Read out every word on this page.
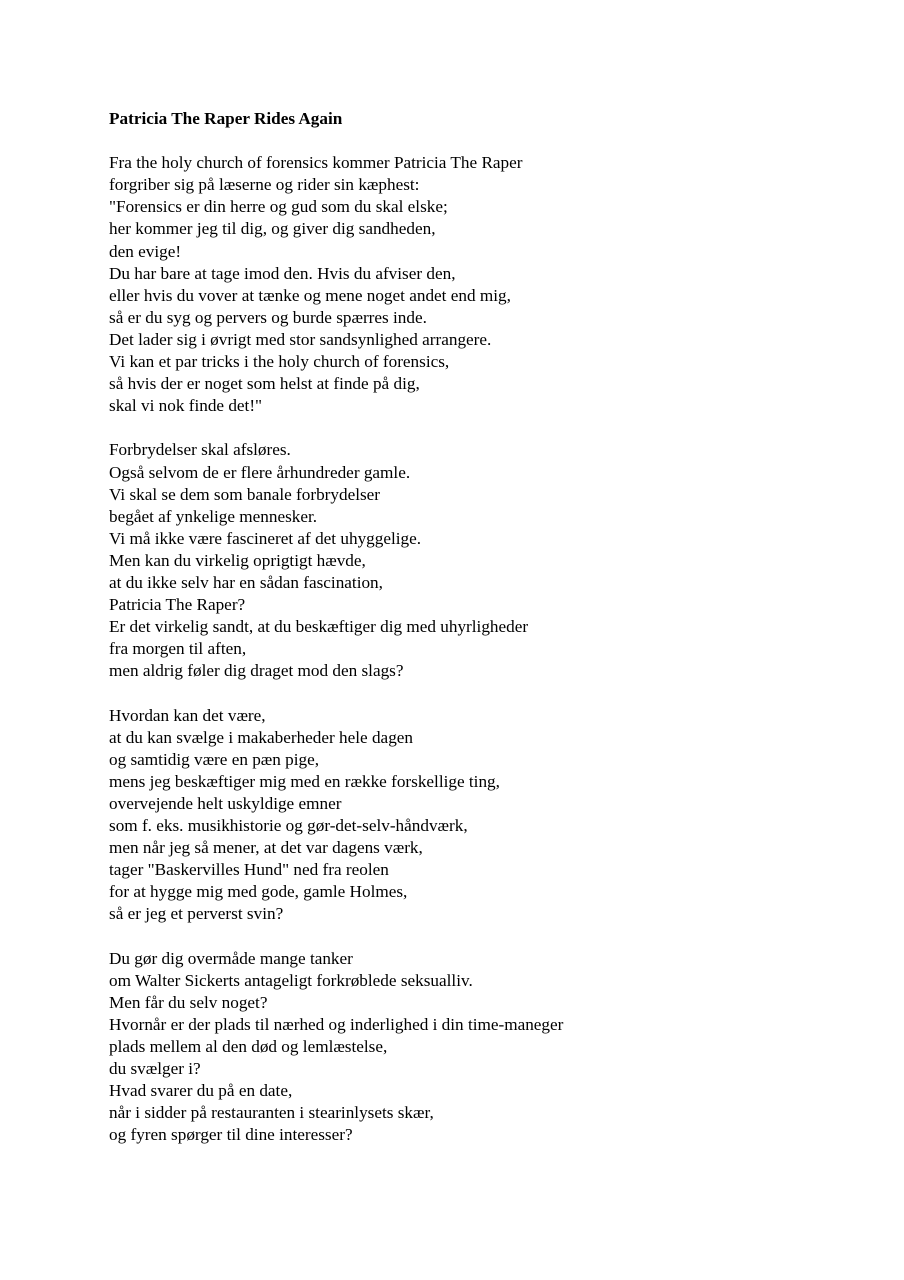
Patricia The Raper Rides Again
Fra the holy church of forensics kommer Patricia The Raper
forgriber sig på læserne og rider sin kæphest:
"Forensics er din herre og gud som du skal elske;
her kommer jeg til dig, og giver dig sandheden,
den evige!
Du har bare at tage imod den. Hvis du afviser den,
eller hvis du vover at tænke og mene noget andet end mig,
så er du syg og pervers og burde spærres inde.
Det lader sig i øvrigt med stor sandsynlighed arrangere.
Vi kan et par tricks i the holy church of forensics,
så hvis der er noget som helst at finde på dig,
skal vi nok finde det!"
Forbrydelser skal afsløres.
Også selvom de er flere århundreder gamle.
Vi skal se dem som banale forbrydelser
begået af ynkelige mennesker.
Vi må ikke være fascineret af det uhyggelige.
Men kan du virkelig oprigtigt hævde,
at du ikke selv har en sådan fascination,
Patricia The Raper?
Er det virkelig sandt, at du beskæftiger dig med uhyrligheder
fra morgen til aften,
men aldrig føler dig draget mod den slags?
Hvordan kan det være,
at du kan svælge i makaberheder hele dagen
og samtidig være en pæn pige,
mens jeg beskæftiger mig med en række forskellige ting,
overvejende helt uskyldige emner
som f. eks. musikhistorie og gør-det-selv-håndværk,
men når jeg så mener, at det var dagens værk,
tager "Baskervilles Hund" ned fra reolen
for at hygge mig med gode, gamle Holmes,
så er jeg et perverst svin?
Du gør dig overmåde mange tanker
om Walter Sickerts antageligt forkrøblede seksualliv.
Men får du selv noget?
Hvornår er der plads til nærhed og inderlighed i din time-maneger
plads mellem al den død og lemlæstelse,
du svælger i?
Hvad svarer du på en date,
når i sidder på restauranten i stearinlysets skær,
og fyren spørger til dine interesser?
